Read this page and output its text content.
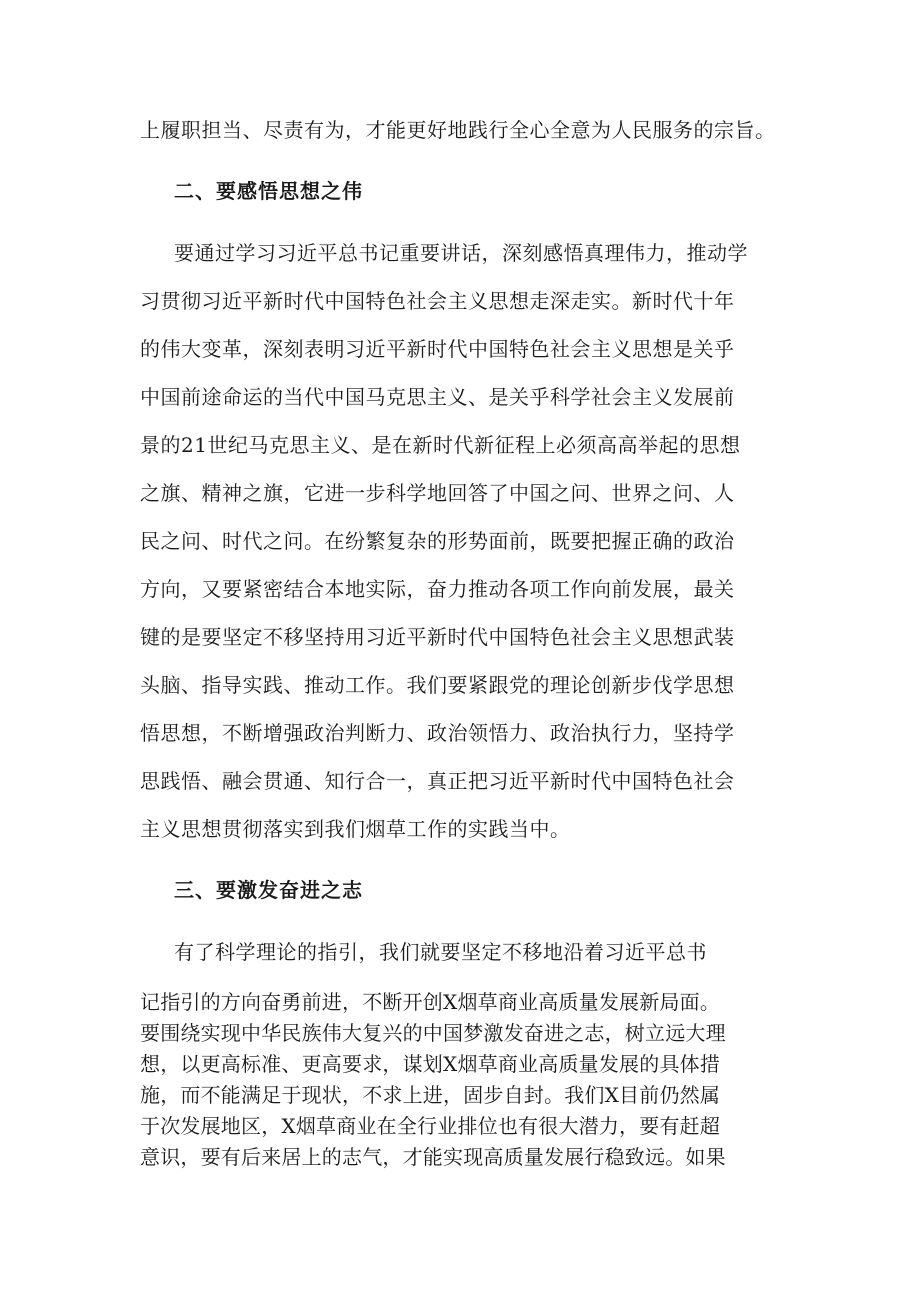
上履职担当、尽责有为，才能更好地践行全心全意为人民服务的宗旨。

二、要感悟思想之伟

要通过学习习近平总书记重要讲话，深刻感悟真理伟力，推动学

习贯彻习近平新时代中国特色社会主义思想走深走实。新时代十年

的伟大变革，深刻表明习近平新时代中国特色社会主义思想是关乎

中国前途命运的当代中国马克思主义、是关乎科学社会主义发展前

景的21世纪马克思主义、是在新时代新征程上必须高高举起的思想

之旗、精神之旗，它进一步科学地回答了中国之问、世界之问、人

民之问、时代之问。在纷繁复杂的形势面前，既要把握正确的政治

方向，又要紧密结合本地实际，奋力推动各项工作向前发展，最关

键的是要坚定不移坚持用习近平新时代中国特色社会主义思想武装

头脑、指导实践、推动工作。我们要紧跟党的理论创新步伐学思想

悟思想，不断增强政治判断力、政治领悟力、政治执行力，坚持学

思践悟、融会贯通、知行合一，真正把习近平新时代中国特色社会

主义思想贯彻落实到我们烟草工作的实践当中。

三、要激发奋进之志

有了科学理论的指引，我们就要坚定不移地沿着习近平总书

记指引的方向奋勇前进，不断开创X烟草商业高质量发展新局面。

要围绕实现中华民族伟大复兴的中国梦激发奋进之志，树立远大理

想，以更高标准、更高要求，谋划X烟草商业高质量发展的具体措

施，而不能满足于现状，不求上进，固步自封。我们X目前仍然属

于次发展地区，X烟草商业在全行业排位也有很大潜力，要有赶超

意识，要有后来居上的志气，才能实现高质量发展行稳致远。如果
